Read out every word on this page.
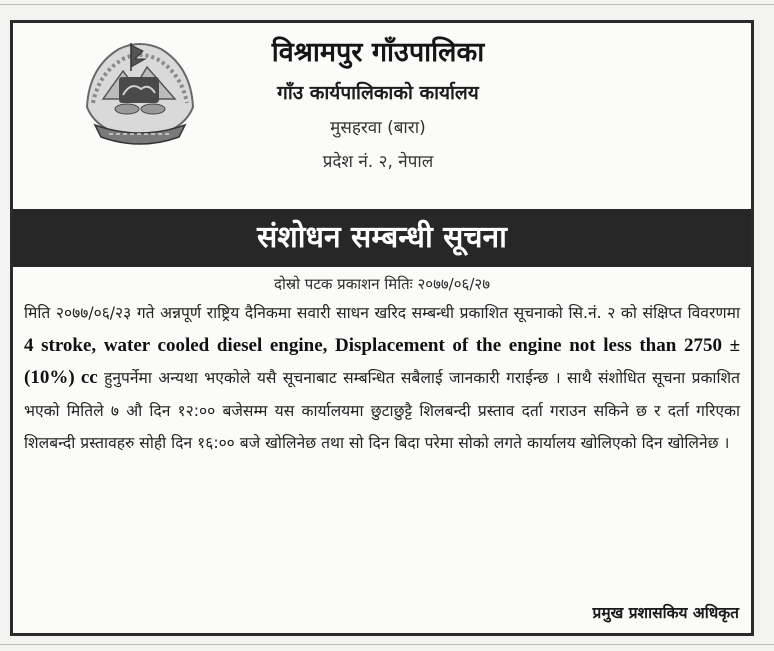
विश्रामपुर गाँउपालिका
गाँउ कार्यपालिकाको कार्यालय
मुसहरवा (बारा)
प्रदेश नं. २, नेपाल
संशोधन सम्बन्धी सूचना
दोस्रो पटक प्रकाशन मितिः २०७७/०६/२७

मिति २०७७/०६/२३ गते अन्नपूर्ण राष्ट्रिय दैनिकमा सवारी साधन खरिद सम्बन्धी प्रकाशित सूचनाको सि.नं. २ को संक्षिप्त विवरणमा 4 stroke, water cooled diesel engine, Displacement of the engine not less than 2750 ± (10%) cc हुनुपर्नेमा अन्यथा भएकोले यसै सूचनाबाट सम्बन्धित सबैलाई जानकारी गराईन्छ । साथै संशोधित सूचना प्रकाशित भएको मितिले ७ औ दिन १२:०० बजेसम्म यस कार्यालयमा छुटाछुट्टै शिलबन्दी प्रस्ताव दर्ता गराउन सकिने छ र दर्ता गरिएका शिलबन्दी प्रस्तावहरु सोही दिन १६:०० बजे खोलिनेछ तथा सो दिन बिदा परेमा सोको लगते कार्यालय खोलिएको दिन खोलिनेछ ।

प्रमुख प्रशासकिय अधिकृत
